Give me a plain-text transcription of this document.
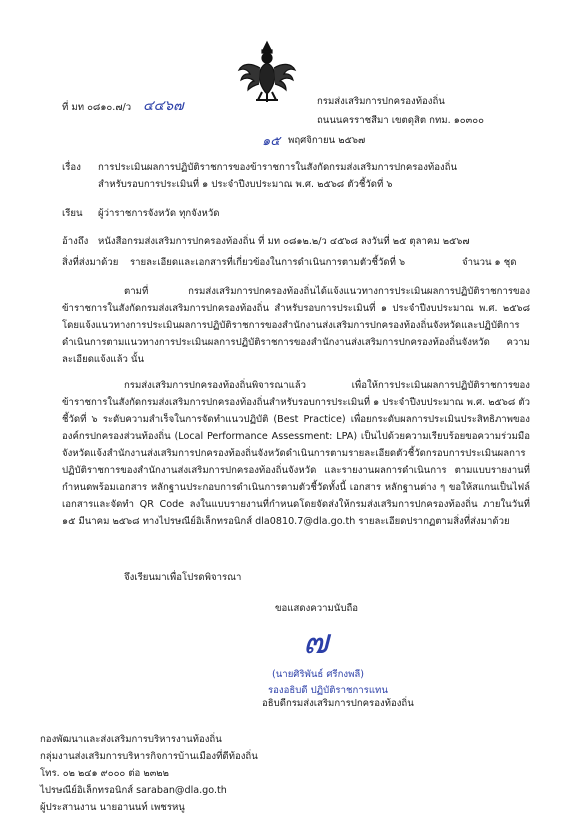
ที่ มท ๐๘๑๐.๗/ว ๔๔๖๗	กรมส่งเสริมการปกครองท้องถิ่น
ถนนนครราชสีมา เขตดุสิต กทม. ๑๐๓๐๐
๑๕ พฤศจิกายน ๒๕๖๗
เรื่อง การประเมินผลการปฏิบัติราชการของข้าราชการในสังกัดกรมส่งเสริมการปกครองท้องถิ่น
สำหรับรอบการประเมินที่ ๑ ประจำปีงบประมาณ พ.ศ. ๒๕๖๘ ตัวชี้วัดที่ ๖
เรียน ผู้ว่าราชการจังหวัด ทุกจังหวัด
อ้างถึง หนังสือกรมส่งเสริมการปกครองท้องถิ่น ที่ มท ๐๘๑๒.๒/ว ๔๕๖๘ ลงวันที่ ๒๕ ตุลาคม ๒๕๖๗
สิ่งที่ส่งมาด้วย รายละเอียดและเอกสารที่เกี่ยวข้องในการดำเนินการตามตัวชี้วัดที่ ๖	จำนวน ๑ ชุด

ตามที่ กรมส่งเสริมการปกครองท้องถิ่นได้แจ้งแนวทางการประเมินผลการปฏิบัติราชการของข้าราชการในสังกัดกรมส่งเสริมการปกครองท้องถิ่น สำหรับรอบการประเมินที่ ๑ ประจำปีงบประมาณ พ.ศ. ๒๕๖๘ โดยแจ้งแนวทางการประเมินผลการปฏิบัติราชการของสำนักงานส่งเสริมการปกครองท้องถิ่นจังหวัดและปฏิบัติการดำเนินการตามแนวทางการประเมินผลการปฏิบัติราชการของสำนักงานส่งเสริมการปกครองท้องถิ่นจังหวัด ความละเอียดแจ้งแล้ว นั้น

กรมส่งเสริมการปกครองท้องถิ่นพิจารณาแล้ว เพื่อให้การประเมินผลการปฏิบัติราชการของข้าราชการในสังกัดกรมส่งเสริมการปกครองท้องถิ่นสำหรับรอบการประเมินที่ ๑ ประจำปีงบประมาณ พ.ศ. ๒๕๖๘ ตัวชี้วัดที่ ๖ ระดับความสำเร็จในการจัดทำแนวปฏิบัติ (Best Practice) เพื่อยกระดับผลการประเมินประสิทธิภาพขององค์กรปกครองส่วนท้องถิ่น (Local Performance Assessment: LPA) เป็นไปด้วยความเรียบร้อยขอความร่วมมือจังหวัดแจ้งสำนักงานส่งเสริมการปกครองท้องถิ่นจังหวัดดำเนินการตามรายละเอียดตัวชี้วัดกรอบการประเมินผลการปฏิบัติราชการของสำนักงานส่งเสริมการปกครองท้องถิ่นจังหวัด และรายงานผลการดำเนินการ ตามแบบรายงานที่กำหนดพร้อมเอกสาร หลักฐานประกอบการดำเนินการตามตัวชี้วัดทั้งนี้ เอกสาร หลักฐานต่าง ๆ ขอให้สแกนเป็นไฟล์เอกสารและจัดทำ QR Code ลงในแบบรายงานที่กำหนดโดยจัดส่งให้กรมส่งเสริมการปกครองท้องถิ่น ภายในวันที่ ๑๕ มีนาคม ๒๕๖๘ ทางไปรษณีย์อิเล็กทรอนิกส์ dla0810.7@dla.go.th รายละเอียดปรากฏตามสิ่งที่ส่งมาด้วย

จึงเรียนมาเพื่อโปรดพิจารณา
ขอแสดงความนับถือ
๗
(นายศิริพันธ์ ศรีกงพลี)
รองอธิบดี ปฏิบัติราชการแทน
อธิบดีกรมส่งเสริมการปกครองท้องถิ่น
กองพัฒนาและส่งเสริมการบริหารงานท้องถิ่น
กลุ่มงานส่งเสริมการบริหารกิจการบ้านเมืองที่ดีท้องถิ่น
โทร. ๐๒ ๒๔๑ ๙๐๐๐ ต่อ ๒๓๒๒
ไปรษณีย์อิเล็กทรอนิกส์ saraban@dla.go.th
ผู้ประสานงาน นายอานนท์ เพชรหนู
